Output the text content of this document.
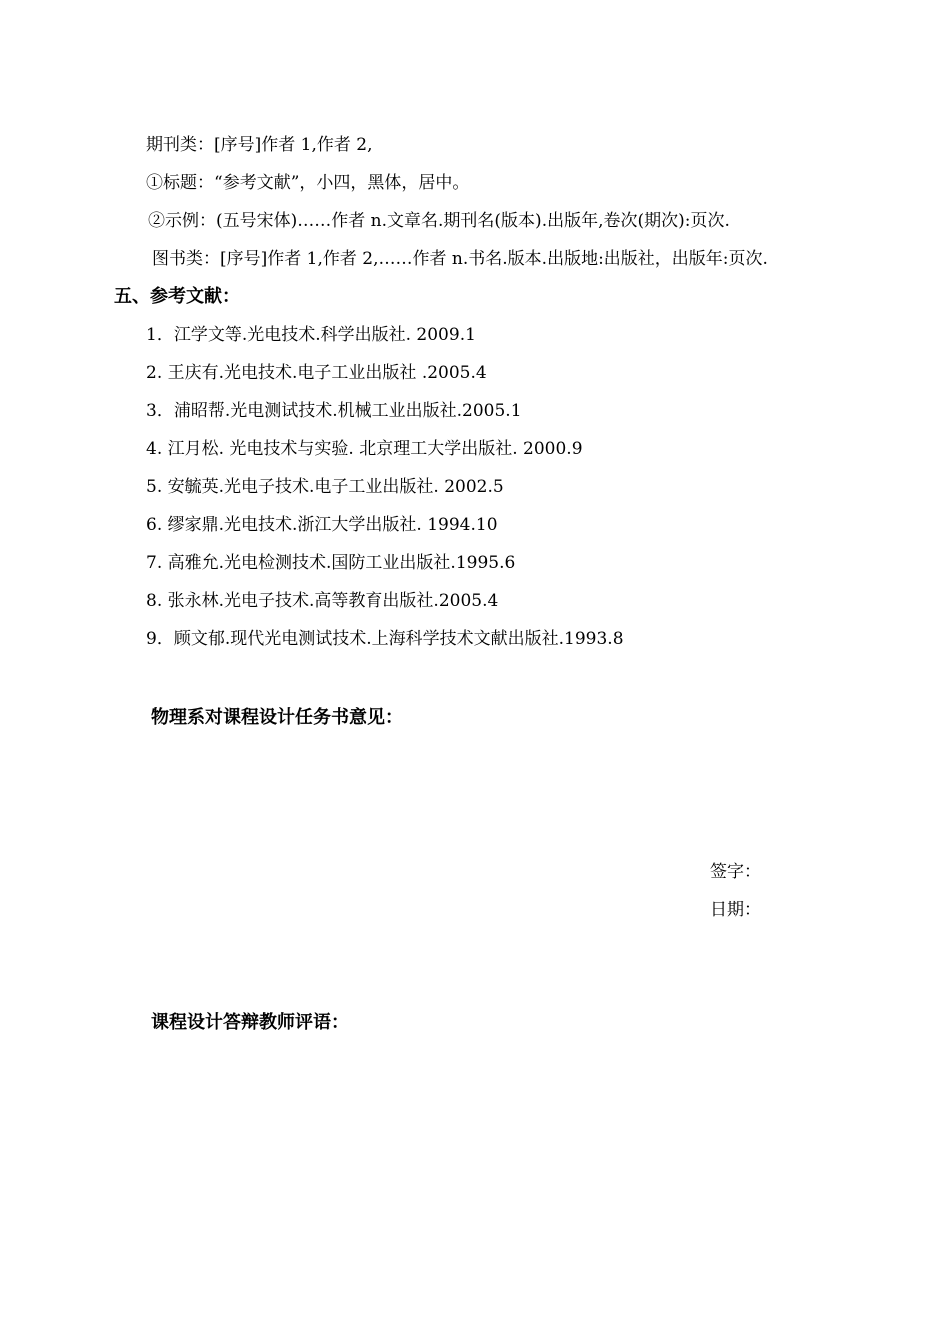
期刊类：[序号]作者 1,作者 2,
①标题：“参考文献”，小四，黑体，居中。
②示例：(五号宋体)……作者 n.文章名.期刊名(版本).出版年,卷次(期次):页次.
图书类：[序号]作者 1,作者 2,……作者 n.书名.版本.出版地:出版社，出版年:页次.
五、参考文献：
1．江学文等.光电技术.科学出版社. 2009.1
2. 王庆有.光电技术.电子工业出版社 .2005.4
3．浦昭帮.光电测试技术.机械工业出版社.2005.1
4. 江月松. 光电技术与实验. 北京理工大学出版社. 2000.9
5. 安毓英.光电子技术.电子工业出版社. 2002.5
6. 缪家鼎.光电技术.浙江大学出版社. 1994.10
7. 高雅允.光电检测技术.国防工业出版社.1995.6
8. 张永林.光电子技术.高等教育出版社.2005.4
9．顾文郁.现代光电测试技术.上海科学技术文献出版社.1993.8
物理系对课程设计任务书意见：
签字：
日期：
课程设计答辩教师评语：
